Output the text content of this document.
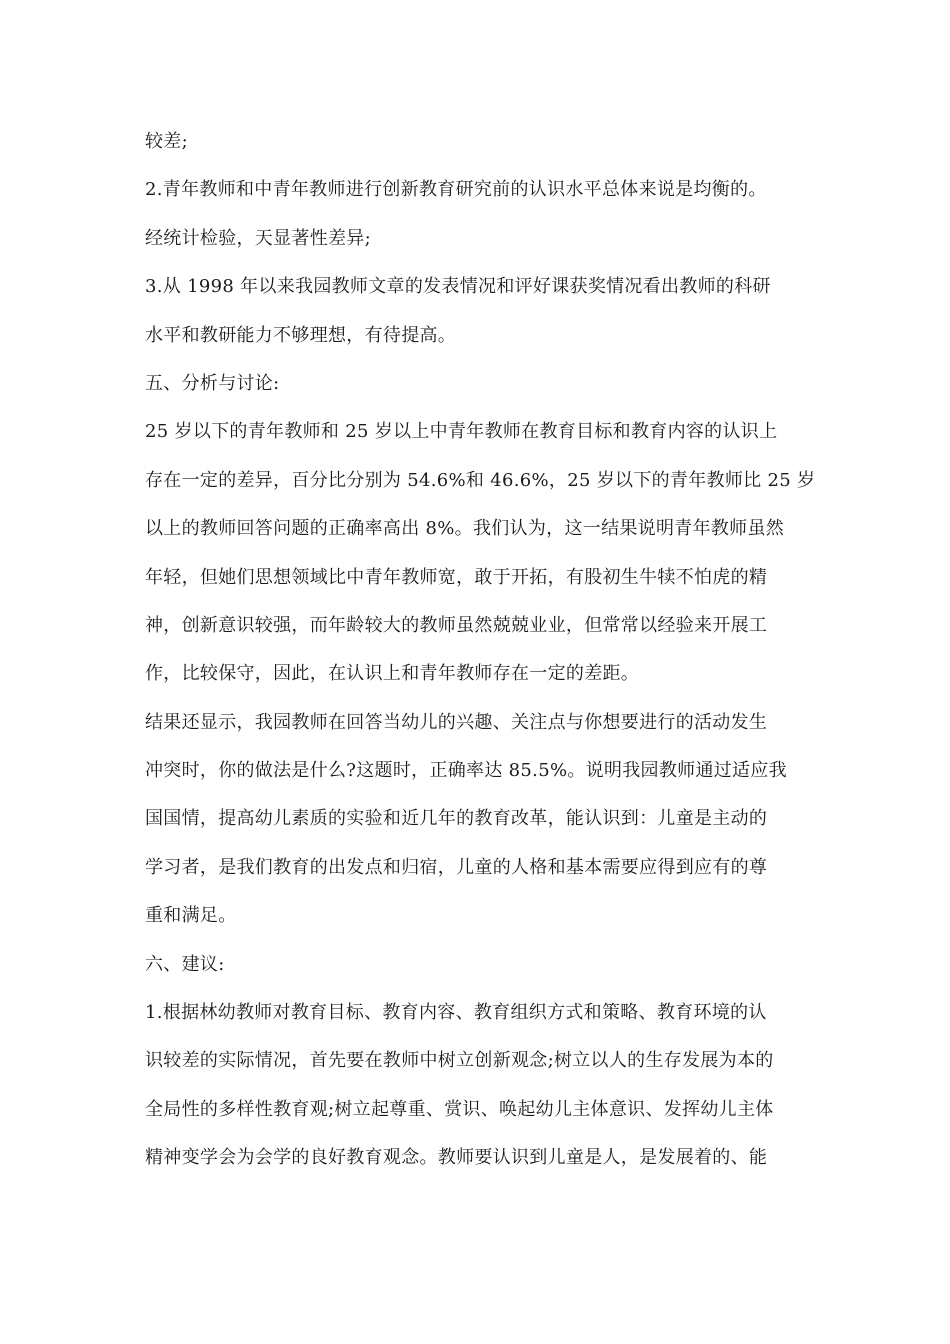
较差;
2.青年教师和中青年教师进行创新教育研究前的认识水平总体来说是均衡的。
经统计检验，天显著性差异;
3.从 1998 年以来我园教师文章的发表情况和评好课获奖情况看出教师的科研
水平和教研能力不够理想，有待提高。
五、分析与讨论:
25 岁以下的青年教师和 25 岁以上中青年教师在教育目标和教育内容的认识上
存在一定的差异，百分比分别为 54.6%和 46.6%，25 岁以下的青年教师比 25 岁
以上的教师回答问题的正确率高出 8%。我们认为，这一结果说明青年教师虽然
年轻，但她们思想领域比中青年教师宽，敢于开拓，有股初生牛犊不怕虎的精
神，创新意识较强，而年龄较大的教师虽然兢兢业业，但常常以经验来开展工
作，比较保守，因此，在认识上和青年教师存在一定的差距。
结果还显示，我园教师在回答当幼儿的兴趣、关注点与你想要进行的活动发生
冲突时，你的做法是什么?这题时，正确率达 85.5%。说明我园教师通过适应我
国国情，提高幼儿素质的实验和近几年的教育改革，能认识到：儿童是主动的
学习者，是我们教育的出发点和归宿，儿童的人格和基本需要应得到应有的尊
重和满足。
六、建议:
1.根据林幼教师对教育目标、教育内容、教育组织方式和策略、教育环境的认
识较差的实际情况，首先要在教师中树立创新观念;树立以人的生存发展为本的
全局性的多样性教育观;树立起尊重、赏识、唤起幼儿主体意识、发挥幼儿主体
精神变学会为会学的良好教育观念。教师要认识到儿童是人，是发展着的、能
